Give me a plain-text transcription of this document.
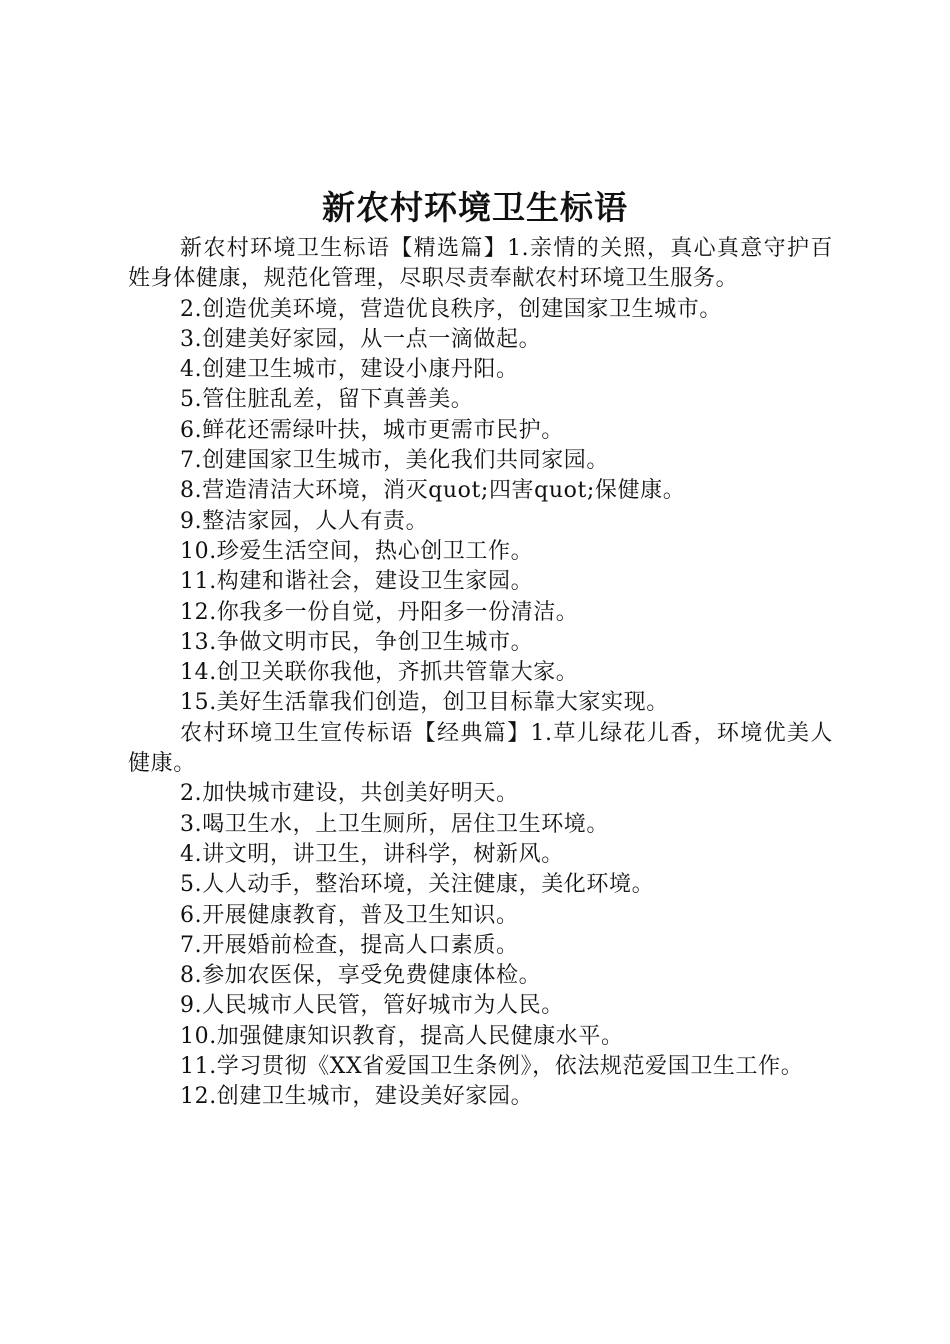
新农村环境卫生标语

新农村环境卫生标语【精选篇】1.亲情的关照，真心真意守护百姓身体健康，规范化管理，尽职尽责奉献农村环境卫生服务。

2.创造优美环境，营造优良秩序，创建国家卫生城市。

3.创建美好家园，从一点一滴做起。

4.创建卫生城市，建设小康丹阳。

5.管住脏乱差，留下真善美。

6.鲜花还需绿叶扶，城市更需市民护。

7.创建国家卫生城市，美化我们共同家园。

8.营造清洁大环境，消灭quot;四害quot;保健康。

9.整洁家园，人人有责。

10.珍爱生活空间，热心创卫工作。

11.构建和谐社会，建设卫生家园。

12.你我多一份自觉，丹阳多一份清洁。

13.争做文明市民，争创卫生城市。

14.创卫关联你我他，齐抓共管靠大家。

15.美好生活靠我们创造，创卫目标靠大家实现。

农村环境卫生宣传标语【经典篇】1.草儿绿花儿香，环境优美人健康。

2.加快城市建设，共创美好明天。

3.喝卫生水，上卫生厕所，居住卫生环境。

4.讲文明，讲卫生，讲科学，树新风。

5.人人动手，整治环境，关注健康，美化环境。

6.开展健康教育，普及卫生知识。

7.开展婚前检查，提高人口素质。

8.参加农医保，享受免费健康体检。

9.人民城市人民管，管好城市为人民。

10.加强健康知识教育，提高人民健康水平。

11.学习贯彻《XX省爱国卫生条例》，依法规范爱国卫生工作。

12.创建卫生城市，建设美好家园。
